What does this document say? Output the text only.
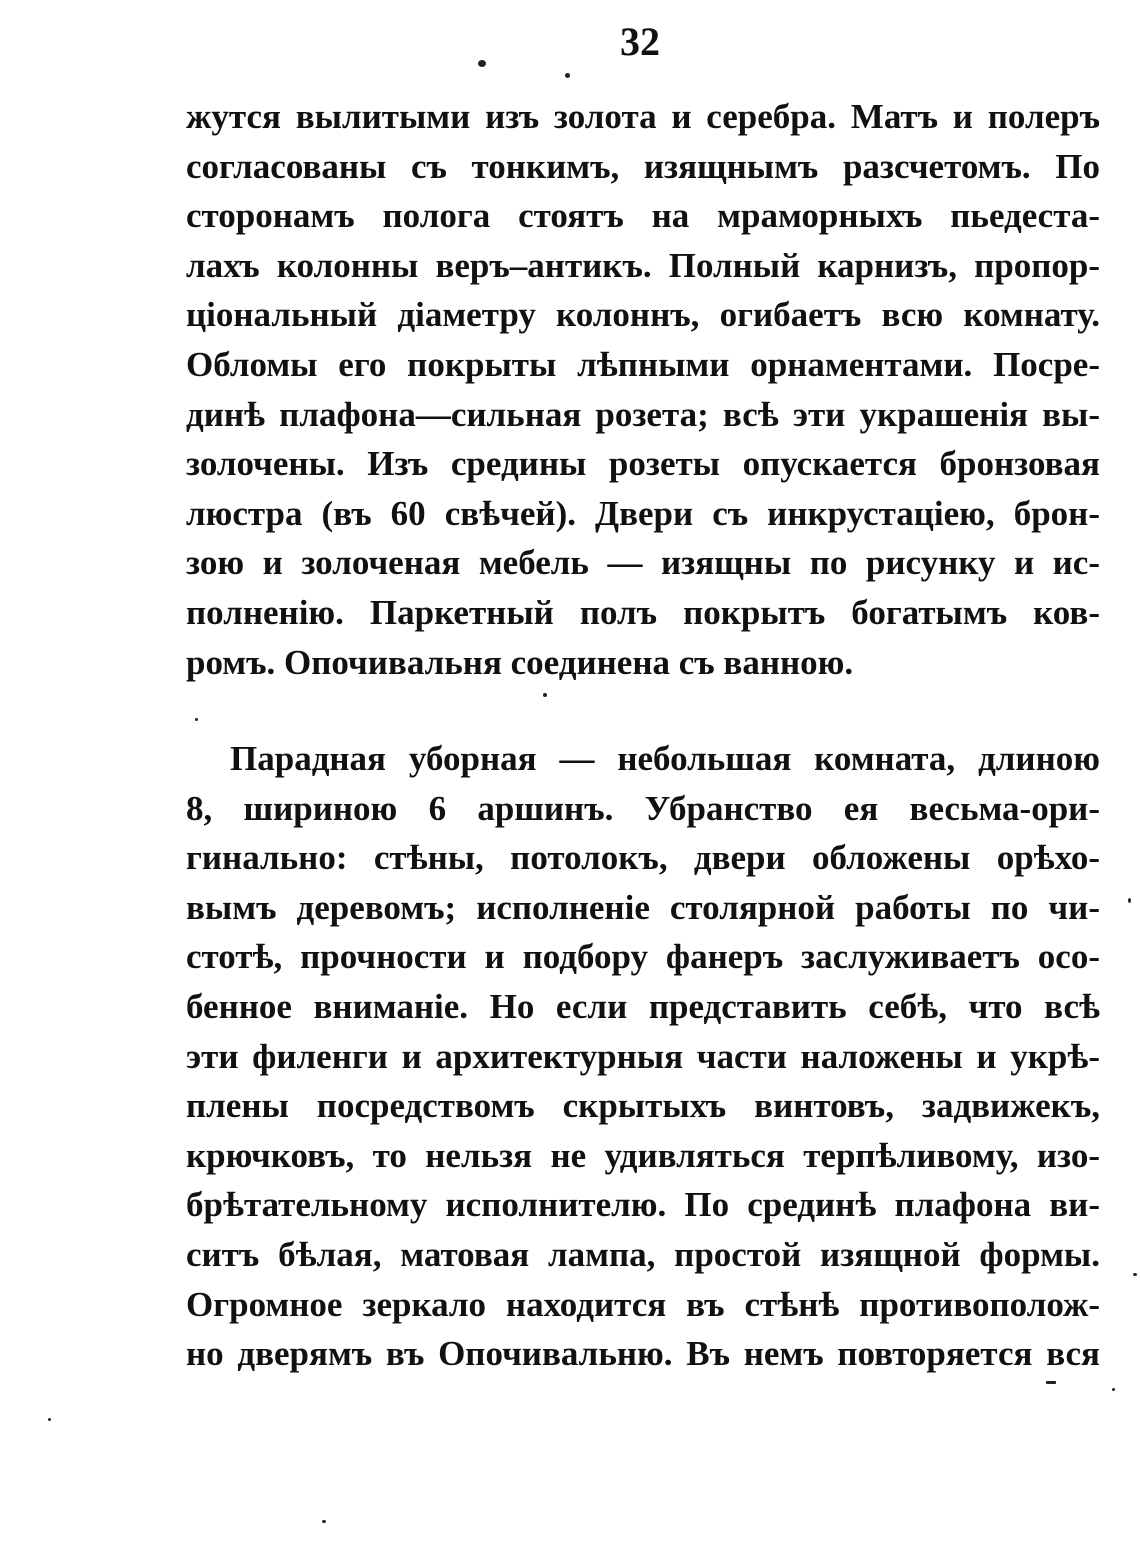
32
жутся вылитыми изъ золота и серебра. Матъ и полеръ
согласованы съ тонкимъ, изящнымъ разсчетомъ. По
сторонамъ полога стоятъ на мраморныхъ пьедеста-
лахъ колонны веръ–антикъ. Полный карнизъ, пропор-
ціональный діаметру колоннъ, огибаетъ всю комнату.
Обломы его покрыты лѣпными орнаментами. Посре-
динѣ плафона—сильная розета; всѣ эти украшенія вы-
золочены. Изъ средины розеты опускается бронзовая
люстра (въ 60 свѣчей). Двери съ инкрустаціею, брон-
зою и золоченая мебель — изящны по рисунку и ис-
полненію. Паркетный полъ покрытъ богатымъ ков-
ромъ. Опочивальня соединена съ ваннoю.
Парадная уборная — небольшая комната, длиною
8, шириною 6 аршинъ. Убранство ея весьма-ори-
гинально: стѣны, потолокъ, двери обложены орѣхо-
вымъ деревомъ; исполненіе столярной работы по чи-
стотѣ, прочности и подбору фанеръ заслуживаетъ осо-
бенное вниманіе. Но если представить себѣ, что всѣ
эти филенги и архитектурныя части наложены и укрѣ-
плены посредствомъ скрытыхъ винтовъ, задвижекъ,
крючковъ, то нельзя не удивляться терпѣливому, изо-
брѣтательному исполнителю. По срединѣ плафона ви-
ситъ бѣлая, матовая лампа, простой изящной формы.
Огромное зеркало находится въ стѣнѣ противополож-
но дверямъ въ Опочивальню. Въ немъ повторяется вся
